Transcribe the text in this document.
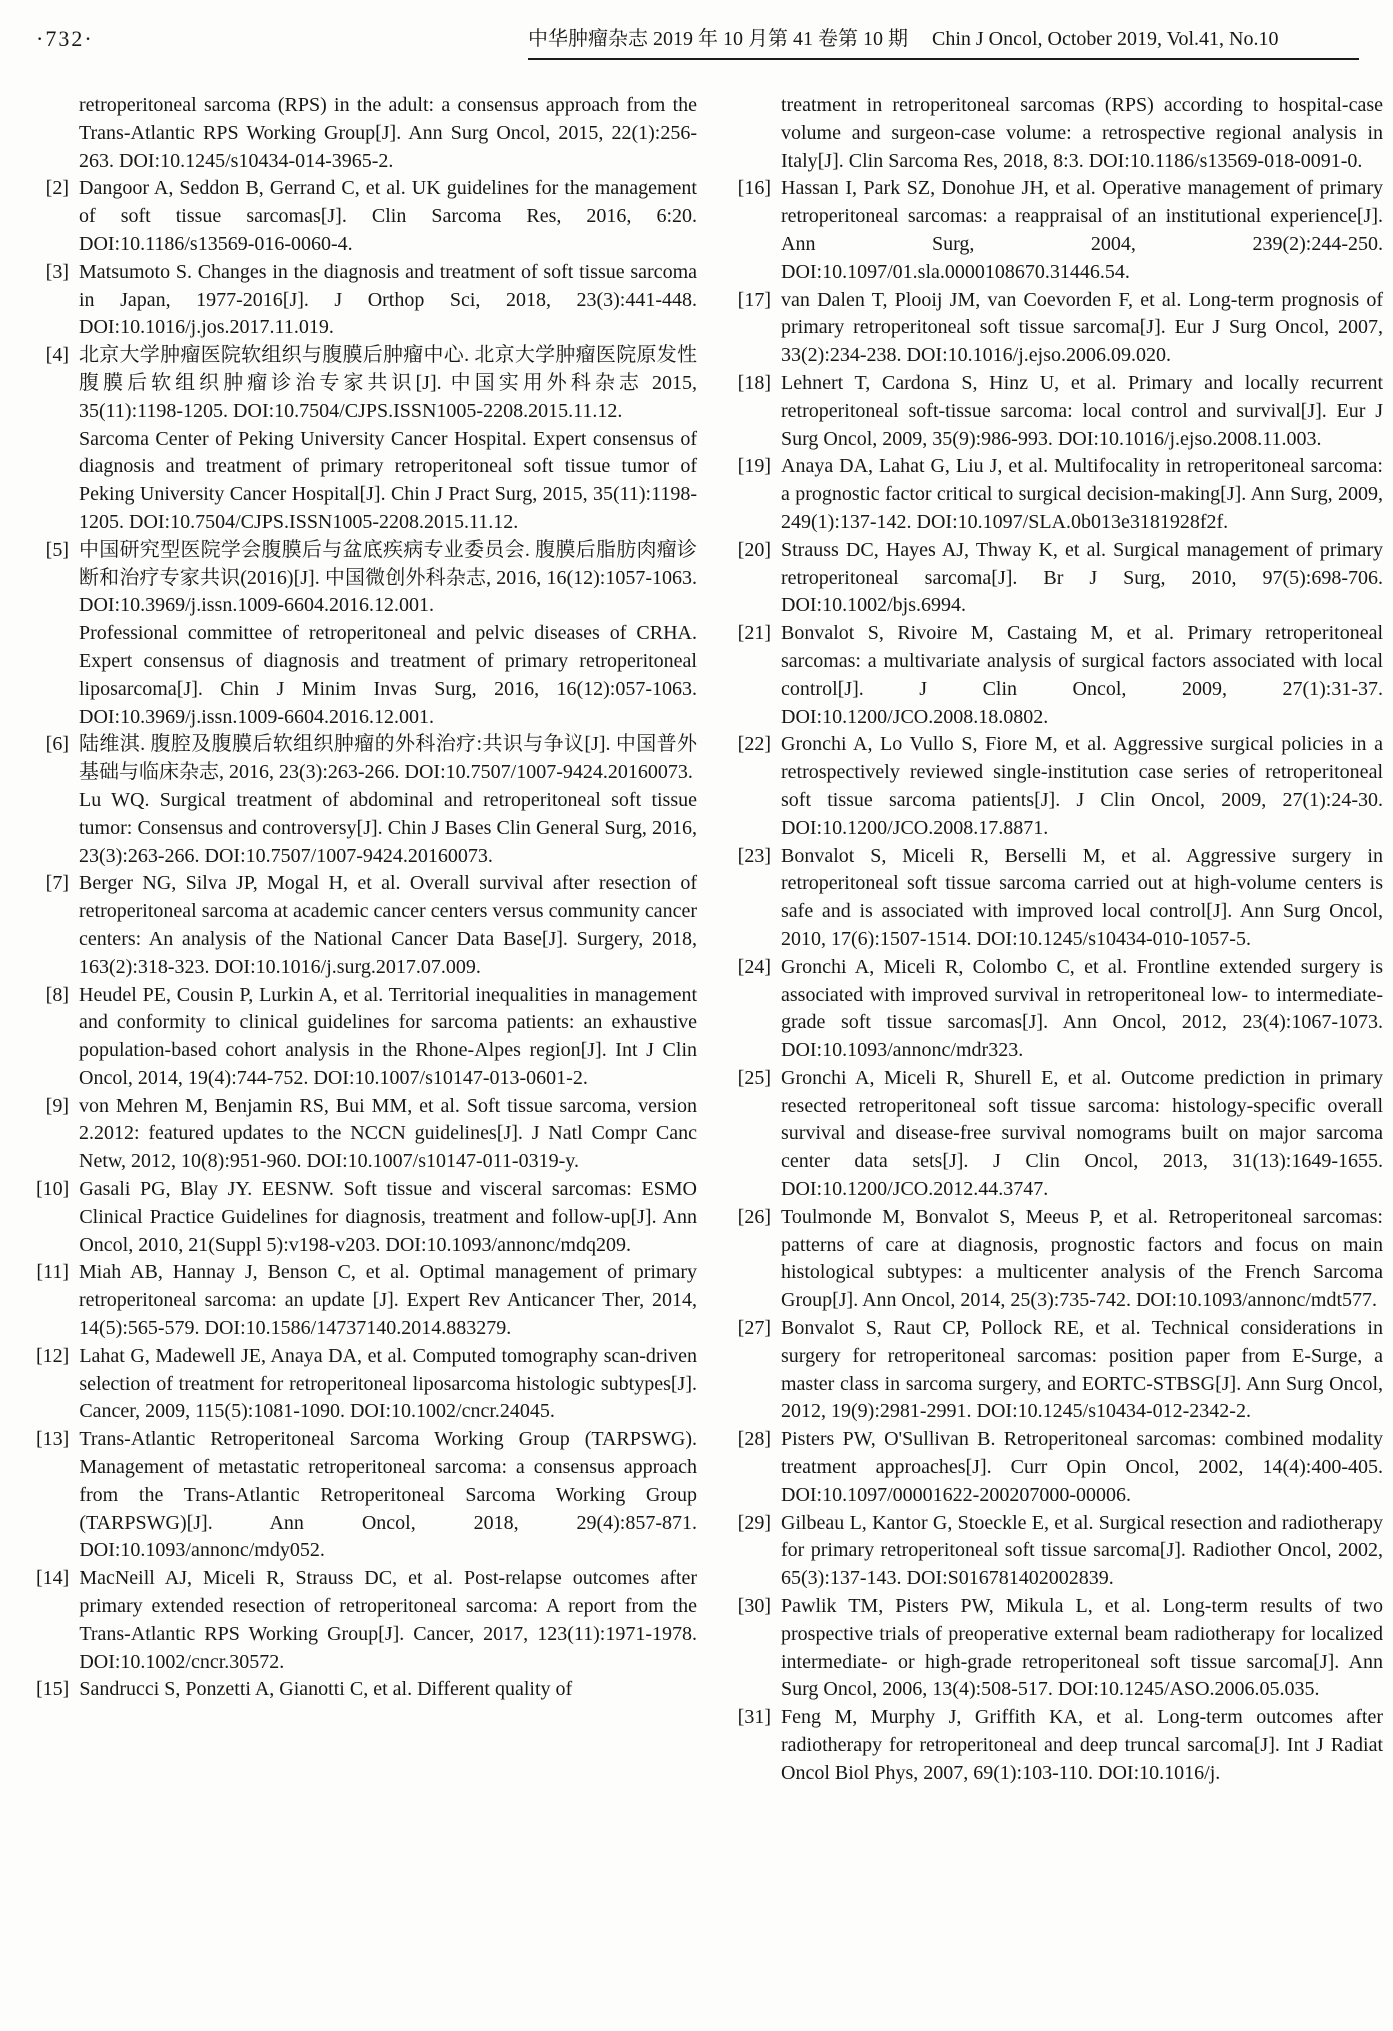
·732·	中华肿瘤杂志 2019 年 10 月第 41 卷第 10 期 Chin J Oncol, October 2019, Vol.41, No.10

retroperitoneal sarcoma (RPS) in the adult: a consensus approach from the Trans-Atlantic RPS Working Group[J]. Ann Surg Oncol, 2015, 22(1):256-263. DOI:10.1245/s10434-014-3965-2.

[2] Dangoor A, Seddon B, Gerrand C, et al. UK guidelines for the management of soft tissue sarcomas[J]. Clin Sarcoma Res, 2016, 6:20. DOI:10.1186/s13569-016-0060-4.

[3] Matsumoto S. Changes in the diagnosis and treatment of soft tissue sarcoma in Japan, 1977-2016[J]. J Orthop Sci, 2018, 23(3):441-448. DOI:10.1016/j.jos.2017.11.019.

[4] 北京大学肿瘤医院软组织与腹膜后肿瘤中心. 北京大学肿瘤医院原发性腹膜后软组织肿瘤诊治专家共识[J]. 中国实用外科杂志 2015, 35(11):1198-1205. DOI:10.7504/CJPS.ISSN1005-2208.2015.11.12.

Sarcoma Center of Peking University Cancer Hospital. Expert consensus of diagnosis and treatment of primary retroperitoneal soft tissue tumor of Peking University Cancer Hospital[J]. Chin J Pract Surg, 2015, 35(11):1198-1205. DOI:10.7504/CJPS.ISSN1005-2208.2015.11.12.

[5] 中国研究型医院学会腹膜后与盆底疾病专业委员会. 腹膜后脂肪肉瘤诊断和治疗专家共识(2016)[J]. 中国微创外科杂志, 2016, 16(12):1057-1063. DOI:10.3969/j.issn.1009-6604.2016.12.001.

Professional committee of retroperitoneal and pelvic diseases of CRHA. Expert consensus of diagnosis and treatment of primary retroperitoneal liposarcoma[J]. Chin J Minim Invas Surg, 2016, 16(12):057-1063. DOI:10.3969/j.issn.1009-6604.2016.12.001.

[6] 陆维淇. 腹腔及腹膜后软组织肿瘤的外科治疗:共识与争议[J]. 中国普外基础与临床杂志, 2016, 23(3):263-266. DOI:10.7507/1007-9424.20160073.

Lu WQ. Surgical treatment of abdominal and retroperitoneal soft tissue tumor: Consensus and controversy[J]. Chin J Bases Clin General Surg, 2016, 23(3):263-266. DOI:10.7507/1007-9424.20160073.

[7] Berger NG, Silva JP, Mogal H, et al. Overall survival after resection of retroperitoneal sarcoma at academic cancer centers versus community cancer centers: An analysis of the National Cancer Data Base[J]. Surgery, 2018, 163(2):318-323. DOI:10.1016/j.surg.2017.07.009.

[8] Heudel PE, Cousin P, Lurkin A, et al. Territorial inequalities in management and conformity to clinical guidelines for sarcoma patients: an exhaustive population-based cohort analysis in the Rhone-Alpes region[J]. Int J Clin Oncol, 2014, 19(4):744-752. DOI:10.1007/s10147-013-0601-2.

[9] von Mehren M, Benjamin RS, Bui MM, et al. Soft tissue sarcoma, version 2.2012: featured updates to the NCCN guidelines[J]. J Natl Compr Canc Netw, 2012, 10(8):951-960. DOI:10.1007/s10147-011-0319-y.

[10] Gasali PG, Blay JY. EESNW. Soft tissue and visceral sarcomas: ESMO Clinical Practice Guidelines for diagnosis, treatment and follow-up[J]. Ann Oncol, 2010, 21(Suppl 5):v198-v203. DOI:10.1093/annonc/mdq209.

[11] Miah AB, Hannay J, Benson C, et al. Optimal management of primary retroperitoneal sarcoma: an update [J]. Expert Rev Anticancer Ther, 2014, 14(5):565-579. DOI:10.1586/14737140.2014.883279.

[12] Lahat G, Madewell JE, Anaya DA, et al. Computed tomography scan-driven selection of treatment for retroperitoneal liposarcoma histologic subtypes[J]. Cancer, 2009, 115(5):1081-1090. DOI:10.1002/cncr.24045.

[13] Trans-Atlantic Retroperitoneal Sarcoma Working Group (TARPSWG). Management of metastatic retroperitoneal sarcoma: a consensus approach from the Trans-Atlantic Retroperitoneal Sarcoma Working Group (TARPSWG)[J]. Ann Oncol, 2018, 29(4):857-871. DOI:10.1093/annonc/mdy052.

[14] MacNeill AJ, Miceli R, Strauss DC, et al. Post-relapse outcomes after primary extended resection of retroperitoneal sarcoma: A report from the Trans-Atlantic RPS Working Group[J]. Cancer, 2017, 123(11):1971-1978. DOI:10.1002/cncr.30572.

[15] Sandrucci S, Ponzetti A, Gianotti C, et al. Different quality of

treatment in retroperitoneal sarcomas (RPS) according to hospital-case volume and surgeon-case volume: a retrospective regional analysis in Italy[J]. Clin Sarcoma Res, 2018, 8:3. DOI:10.1186/s13569-018-0091-0.

[16] Hassan I, Park SZ, Donohue JH, et al. Operative management of primary retroperitoneal sarcomas: a reappraisal of an institutional experience[J]. Ann Surg, 2004, 239(2):244-250. DOI:10.1097/01.sla.0000108670.31446.54.

[17] van Dalen T, Plooij JM, van Coevorden F, et al. Long-term prognosis of primary retroperitoneal soft tissue sarcoma[J]. Eur J Surg Oncol, 2007, 33(2):234-238. DOI:10.1016/j.ejso.2006.09.020.

[18] Lehnert T, Cardona S, Hinz U, et al. Primary and locally recurrent retroperitoneal soft-tissue sarcoma: local control and survival[J]. Eur J Surg Oncol, 2009, 35(9):986-993. DOI:10.1016/j.ejso.2008.11.003.

[19] Anaya DA, Lahat G, Liu J, et al. Multifocality in retroperitoneal sarcoma: a prognostic factor critical to surgical decision-making[J]. Ann Surg, 2009, 249(1):137-142. DOI:10.1097/SLA.0b013e3181928f2f.

[20] Strauss DC, Hayes AJ, Thway K, et al. Surgical management of primary retroperitoneal sarcoma[J]. Br J Surg, 2010, 97(5):698-706. DOI:10.1002/bjs.6994.

[21] Bonvalot S, Rivoire M, Castaing M, et al. Primary retroperitoneal sarcomas: a multivariate analysis of surgical factors associated with local control[J]. J Clin Oncol, 2009, 27(1):31-37. DOI:10.1200/JCO.2008.18.0802.

[22] Gronchi A, Lo Vullo S, Fiore M, et al. Aggressive surgical policies in a retrospectively reviewed single-institution case series of retroperitoneal soft tissue sarcoma patients[J]. J Clin Oncol, 2009, 27(1):24-30. DOI:10.1200/JCO.2008.17.8871.

[23] Bonvalot S, Miceli R, Berselli M, et al. Aggressive surgery in retroperitoneal soft tissue sarcoma carried out at high-volume centers is safe and is associated with improved local control[J]. Ann Surg Oncol, 2010, 17(6):1507-1514. DOI:10.1245/s10434-010-1057-5.

[24] Gronchi A, Miceli R, Colombo C, et al. Frontline extended surgery is associated with improved survival in retroperitoneal low- to intermediate-grade soft tissue sarcomas[J]. Ann Oncol, 2012, 23(4):1067-1073. DOI:10.1093/annonc/mdr323.

[25] Gronchi A, Miceli R, Shurell E, et al. Outcome prediction in primary resected retroperitoneal soft tissue sarcoma: histology-specific overall survival and disease-free survival nomograms built on major sarcoma center data sets[J]. J Clin Oncol, 2013, 31(13):1649-1655. DOI:10.1200/JCO.2012.44.3747.

[26] Toulmonde M, Bonvalot S, Meeus P, et al. Retroperitoneal sarcomas: patterns of care at diagnosis, prognostic factors and focus on main histological subtypes: a multicenter analysis of the French Sarcoma Group[J]. Ann Oncol, 2014, 25(3):735-742. DOI:10.1093/annonc/mdt577.

[27] Bonvalot S, Raut CP, Pollock RE, et al. Technical considerations in surgery for retroperitoneal sarcomas: position paper from E-Surge, a master class in sarcoma surgery, and EORTC-STBSG[J]. Ann Surg Oncol, 2012, 19(9):2981-2991. DOI:10.1245/s10434-012-2342-2.

[28] Pisters PW, O'Sullivan B. Retroperitoneal sarcomas: combined modality treatment approaches[J]. Curr Opin Oncol, 2002, 14(4):400-405. DOI:10.1097/00001622-200207000-00006.

[29] Gilbeau L, Kantor G, Stoeckle E, et al. Surgical resection and radiotherapy for primary retroperitoneal soft tissue sarcoma[J]. Radiother Oncol, 2002, 65(3):137-143. DOI:S016781402002839.

[30] Pawlik TM, Pisters PW, Mikula L, et al. Long-term results of two prospective trials of preoperative external beam radiotherapy for localized intermediate- or high-grade retroperitoneal soft tissue sarcoma[J]. Ann Surg Oncol, 2006, 13(4):508-517. DOI:10.1245/ASO.2006.05.035.

[31] Feng M, Murphy J, Griffith KA, et al. Long-term outcomes after radiotherapy for retroperitoneal and deep truncal sarcoma[J]. Int J Radiat Oncol Biol Phys, 2007, 69(1):103-110. DOI:10.1016/j.
